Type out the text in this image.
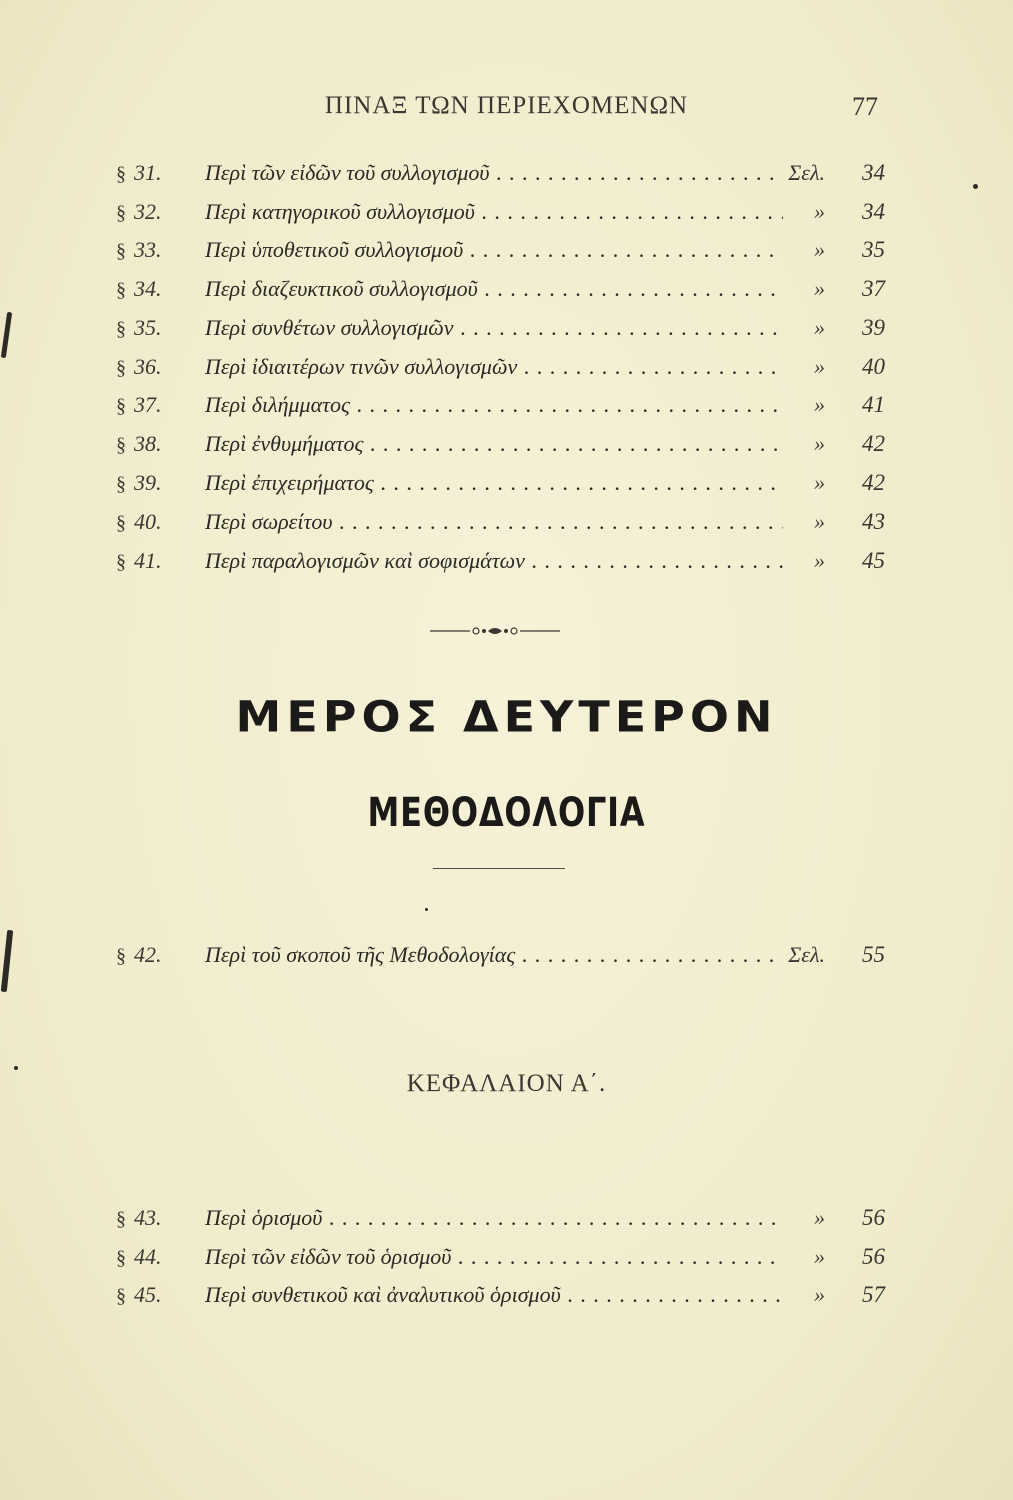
ΠΙΝΑΞ ΤΩΝ ΠΕΡΙΕΧΟΜΕΝΩΝ	77
§ 31. Περὶ τῶν εἰδῶν τοῦ συλλογισμοῦ . . .	Σελ. 34
§ 32. Περὶ κατηγορικοῦ συλλογισμοῦ . . .	» 34
§ 33. Περὶ ὑποθετικοῦ συλλογισμοῦ . . .	» 35
§ 34. Περὶ διαζευκτικοῦ συλλογισμοῦ . . .	» 37
§ 35. Περὶ συνθέτων συλλογισμῶν . . .	» 39
§ 36. Περὶ ἰδιαιτέρων τινῶν συλλογισμῶν . . .	» 40
§ 37. Περὶ διλήμματος . . .	» 41
§ 38. Περὶ ἐνθυμήματος . . .	» 42
§ 39. Περὶ ἐπιχειρήματος . . .	» 42
§ 40. Περὶ σωρείτου . . .	» 43
§ 41. Περὶ παραλογισμῶν καὶ σοφισμάτων . . .	» 45
ΜΕΡΟΣ ΔΕΥΤΕΡΟΝ
ΜΕΘΟΔΟΛΟΓΙΑ
§ 42. Περὶ τοῦ σκοποῦ τῆς Μεθοδολογίας . . .	Σελ. 55
ΚΕΦΑΛΑΙΟΝ Α΄.
§ 43. Περὶ ὁρισμοῦ . . .	» 56
§ 44. Περὶ τῶν εἰδῶν τοῦ ὁρισμοῦ . . .	» 56
§ 45. Περὶ συνθετικοῦ καὶ ἀναλυτικοῦ ὁρισμοῦ . . .	» 57
